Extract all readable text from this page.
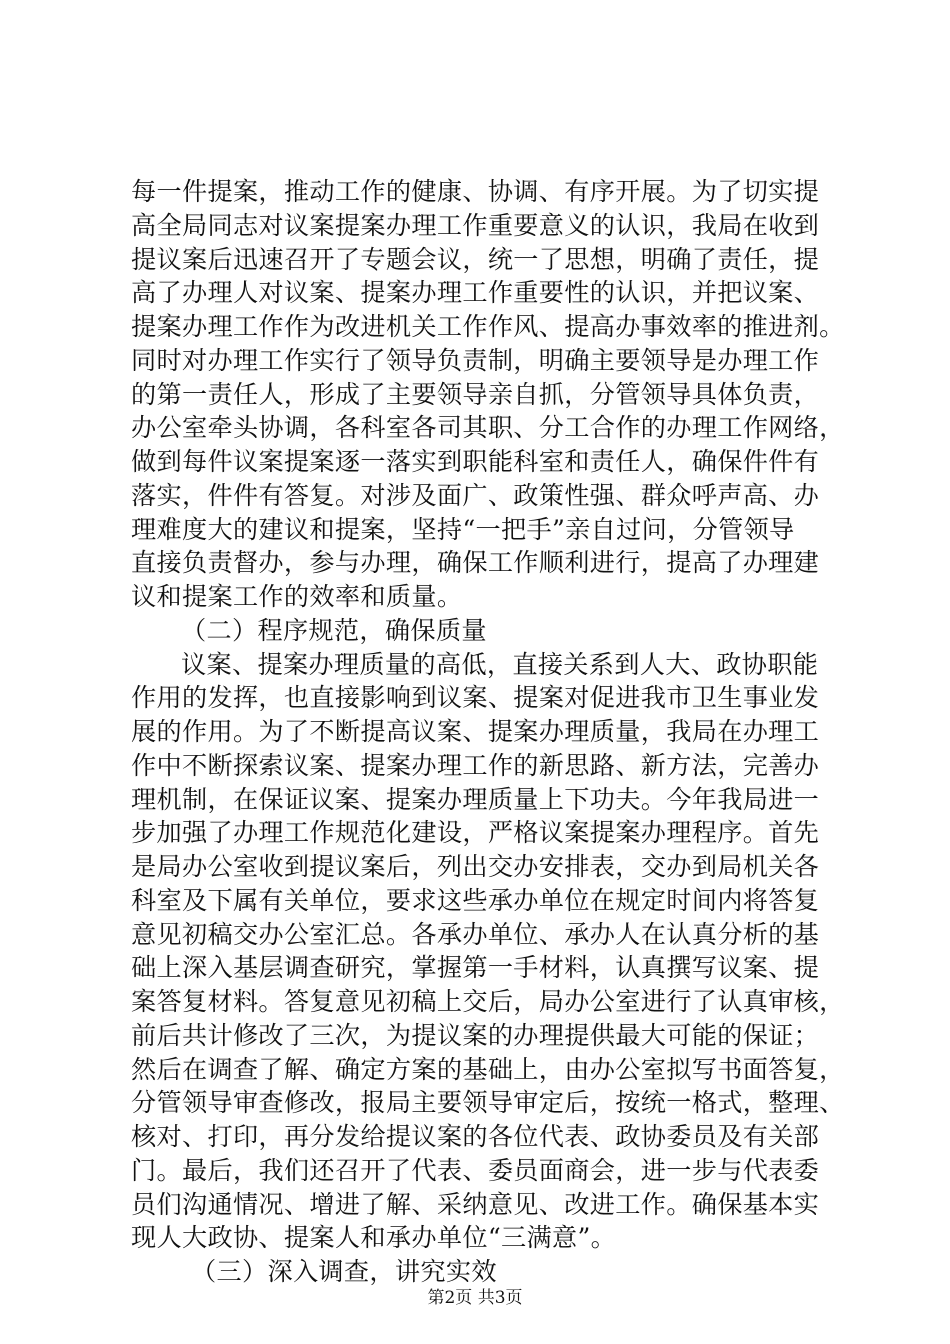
每一件提案，推动工作的健康、协调、有序开展。为了切实提
高全局同志对议案提案办理工作重要意义的认识，我局在收到
提议案后迅速召开了专题会议，统一了思想，明确了责任，提
高了办理人对议案、提案办理工作重要性的认识，并把议案、
提案办理工作作为改进机关工作作风、提高办事效率的推进剂。
同时对办理工作实行了领导负责制，明确主要领导是办理工作
的第一责任人，形成了主要领导亲自抓，分管领导具体负责，
办公室牵头协调，各科室各司其职、分工合作的办理工作网络，
做到每件议案提案逐一落实到职能科室和责任人，确保件件有
落实，件件有答复。对涉及面广、政策性强、群众呼声高、办
理难度大的建议和提案，坚持“一把手”亲自过问，分管领导
直接负责督办，参与办理，确保工作顺利进行，提高了办理建
议和提案工作的效率和质量。
（二）程序规范，确保质量
议案、提案办理质量的高低，直接关系到人大、政协职能
作用的发挥，也直接影响到议案、提案对促进我市卫生事业发
展的作用。为了不断提高议案、提案办理质量，我局在办理工
作中不断探索议案、提案办理工作的新思路、新方法，完善办
理机制，在保证议案、提案办理质量上下功夫。今年我局进一
步加强了办理工作规范化建设，严格议案提案办理程序。首先
是局办公室收到提议案后，列出交办安排表，交办到局机关各
科室及下属有关单位，要求这些承办单位在规定时间内将答复
意见初稿交办公室汇总。各承办单位、承办人在认真分析的基
础上深入基层调查研究，掌握第一手材料，认真撰写议案、提
案答复材料。答复意见初稿上交后，局办公室进行了认真审核，
前后共计修改了三次，为提议案的办理提供最大可能的保证；
然后在调查了解、确定方案的基础上，由办公室拟写书面答复，
分管领导审查修改，报局主要领导审定后，按统一格式，整理、
核对、打印，再分发给提议案的各位代表、政协委员及有关部
门。最后，我们还召开了代表、委员面商会，进一步与代表委
员们沟通情况、增进了解、采纳意见、改进工作。确保基本实
现人大政协、提案人和承办单位“三满意”。
（三）深入调查，讲究实效
第2页 共3页
